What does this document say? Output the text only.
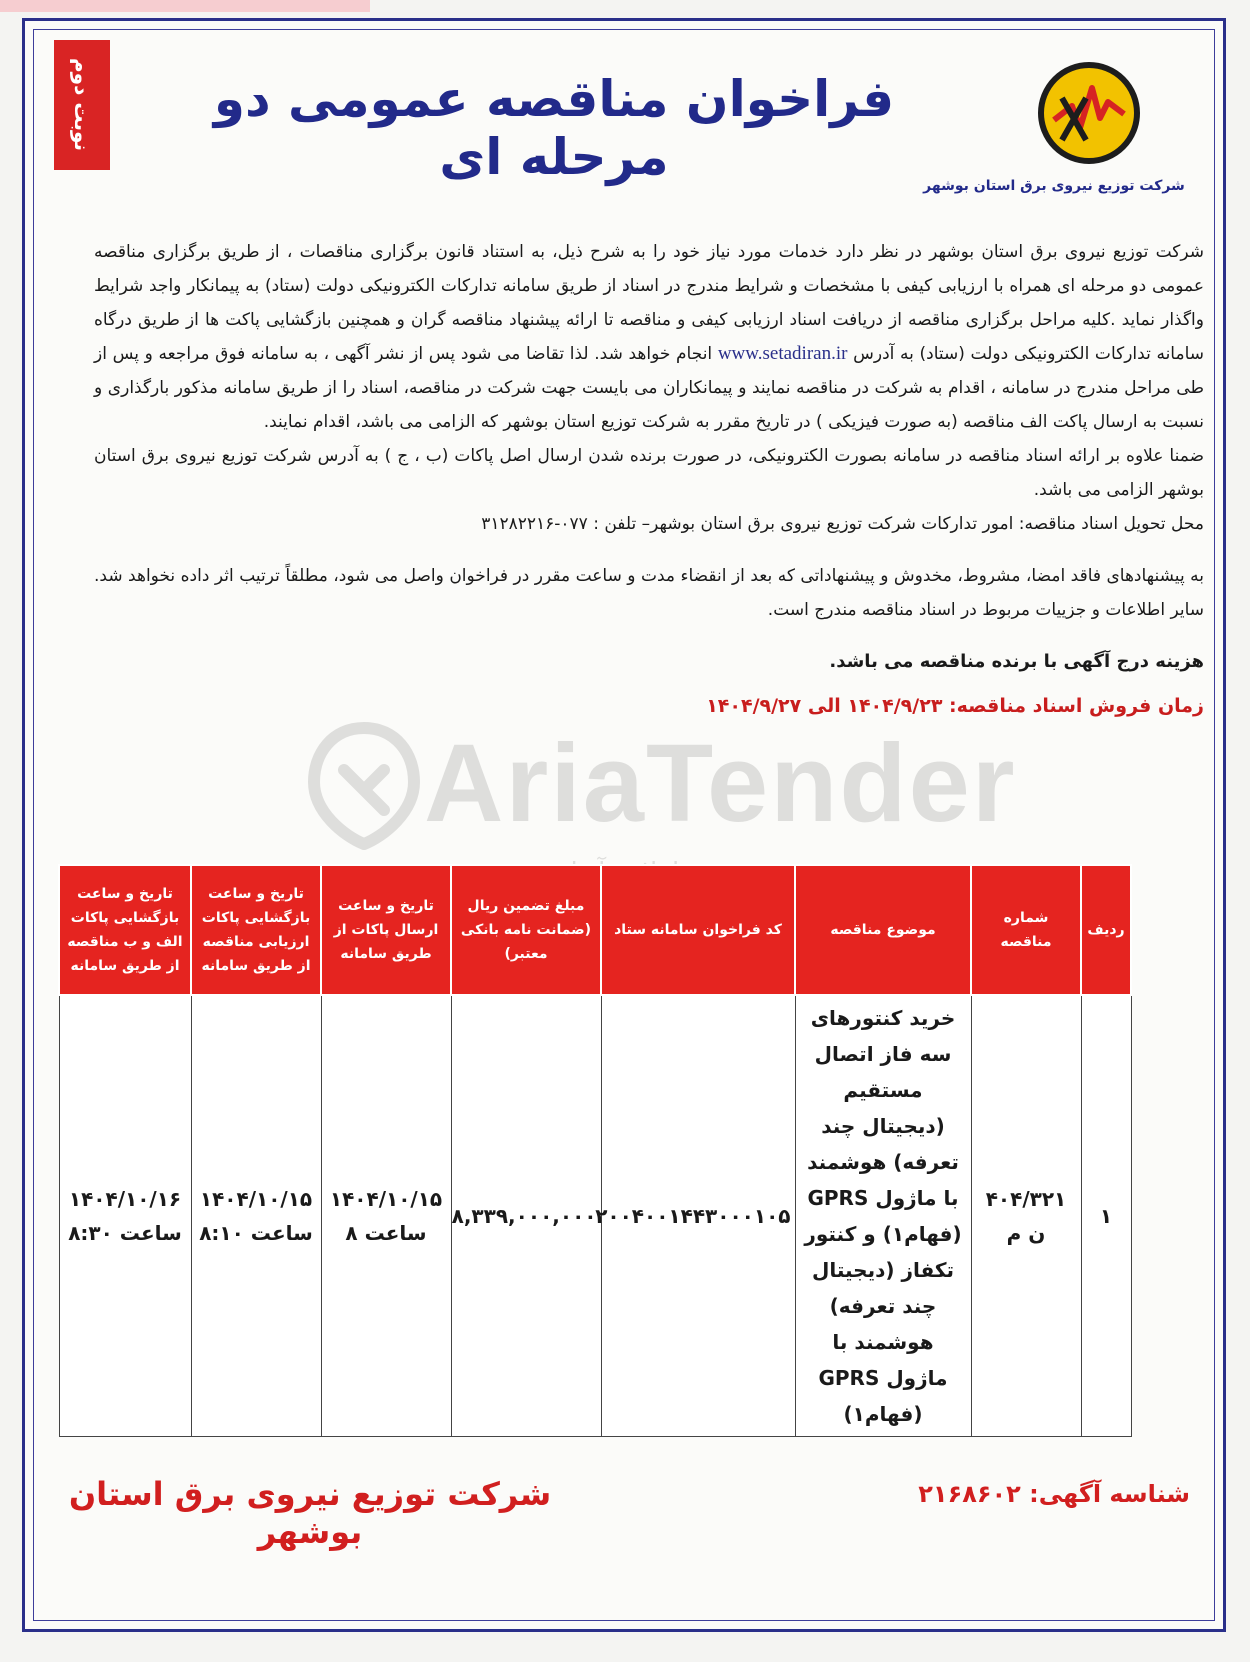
نوبت دوم	فراخوان مناقصه عمومی دو مرحله ای	شرکت توزیع نیروی برق استان بوشهر

شرکت توزیع نیروی برق استان بوشهر در نظر دارد خدمات مورد نیاز خود را به شرح ذیل، به استناد قانون برگزاری مناقصات ، از طریق برگزاری مناقصه عمومی دو مرحله ای همراه با ارزیابی کیفی با مشخصات و شرایط مندرج در اسناد از طریق سامانه تدارکات الکترونیکی دولت (ستاد) به پیمانکار واجد شرایط واگذار نماید .کلیه مراحل برگزاری مناقصه از دریافت اسناد ارزیابی کیفی و مناقصه تا ارائه پیشنهاد مناقصه گران و همچنین بازگشایی پاکت ها از طریق درگاه سامانه تدارکات الکترونیکی دولت (ستاد) به آدرس www.setadiran.ir انجام خواهد شد. لذا تقاضا می شود پس از نشر آگهی ، به سامانه فوق مراجعه و پس از طی مراحل مندرج در سامانه ، اقدام به شرکت در مناقصه نمایند و پیمانکاران می بایست جهت شرکت در مناقصه، اسناد را از طریق سامانه مذکور بارگذاری و نسبت به ارسال پاکت الف مناقصه (به صورت فیزیکی ) در تاریخ مقرر به شرکت توزیع استان بوشهر که الزامی می باشد، اقدام نمایند.

ضمنا علاوه بر ارائه اسناد مناقصه در سامانه بصورت الکترونیکی، در صورت برنده شدن ارسال اصل پاکات (ب ، ج ) به آدرس شرکت توزیع نیروی برق استان بوشهر الزامی می باشد.

محل تحویل اسناد مناقصه: امور تدارکات شرکت توزیع نیروی برق استان بوشهر– تلفن : ۰۷۷-۳۱۲۸۲۲۱۶

به پیشنهادهای فاقد امضا، مشروط، مخدوش و پیشنهاداتی که بعد از انقضاء مدت و ساعت مقرر در فراخوان واصل می شود، مطلقاً ترتیب اثر داده نخواهد شد. سایر اطلاعات و جزییات مربوط در اسناد مناقصه مندرج است.

هزینه درج آگهی با برنده مناقصه می باشد.

زمان فروش اسناد مناقصه: ۱۴۰۴/۹/۲۳ الی ۱۴۰۴/۹/۲۷

AriaTender
ردیف	شماره مناقصه	موضوع مناقصه	کد فراخوان سامانه ستاد	مبلغ تضمین ریال (ضمانت نامه بانکی معتبر)	تاریخ و ساعت ارسال پاکات از طریق سامانه	تاریخ و ساعت بازگشایی پاکات ارزیابی مناقصه از طریق سامانه	تاریخ و ساعت بازگشایی پاکات الف و ب مناقصه از طریق سامانه
۱	۴۰۴/۳۲۱ ن م	خرید کنتورهای سه فاز اتصال مستقیم (دیجیتال چند تعرفه) هوشمند با ماژول GPRS (فهام۱) و کنتور تکفاز (دیجیتال چند تعرفه) هوشمند با ماژول GPRS (فهام۱)	۲۰۰۴۰۰۱۴۴۳۰۰۰۱۰۵	۸,۳۳۹,۰۰۰,۰۰۰	۱۴۰۴/۱۰/۱۵ ساعت ۸	۱۴۰۴/۱۰/۱۵ ساعت ۸:۱۰	۱۴۰۴/۱۰/۱۶ ساعت ۸:۳۰
شرکت توزیع نیروی برق استان بوشهر
شناسه آگهی: ۲۱۶۸۶۰۲
